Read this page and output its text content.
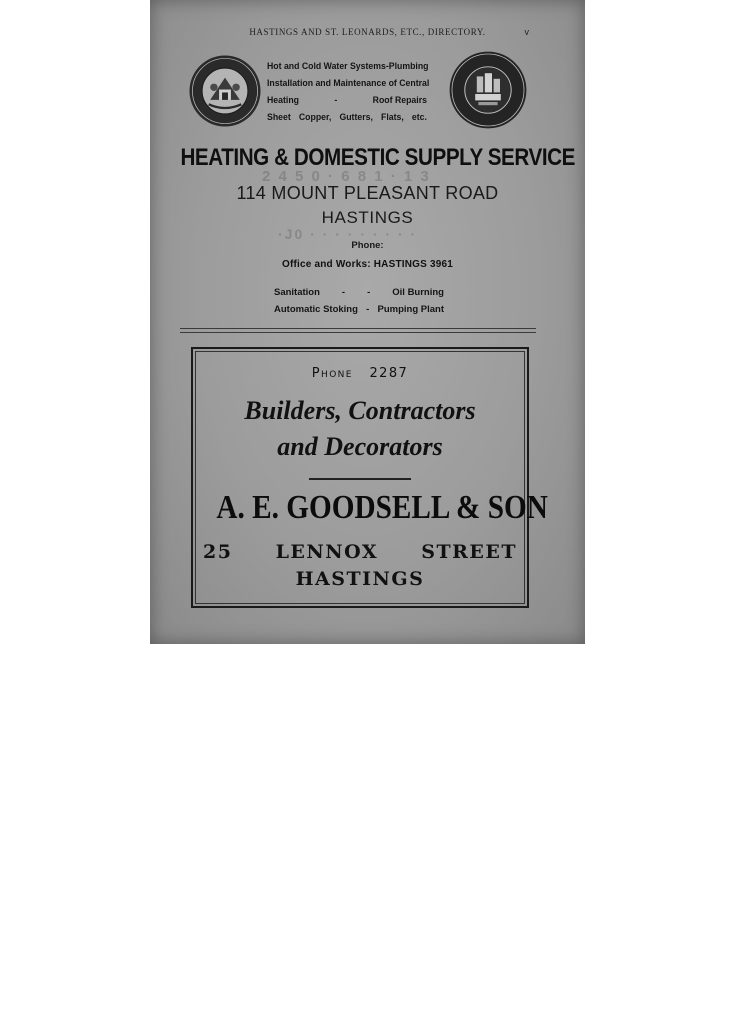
HASTINGS AND ST. LEONARDS, ETC., DIRECTORY.	v
Hot and Cold Water Systems - Plumbing
Installation and Maintenance of Central
Heating	-	Roof Repairs
Sheet Copper, Gutters, Flats, etc.
2 4 5 0 · 6 8 1 · 1 3
·J0 · · · · · · · · ·
HEATING & DOMESTIC SUPPLY SERVICE
114 MOUNT PLEASANT ROAD
HASTINGS
Phone:
Office and Works: HASTINGS 3961
Sanitation - - Oil Burning
Automatic Stoking - Pumping Plant
Phone 2287
Builders, Contractors
and Decorators
A. E. GOODSELL & SON
25 LENNOX STREET
HASTINGS
